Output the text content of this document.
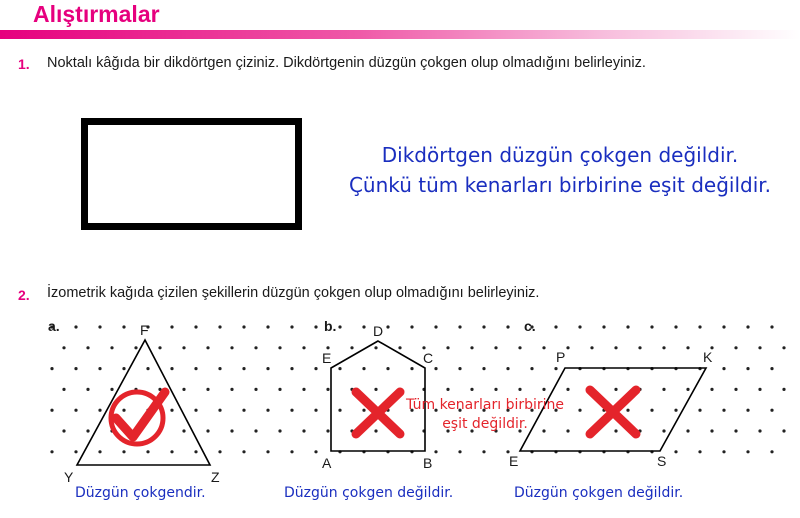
Alıştırmalar
1. Noktalı kâğıda bir dikdörtgen çiziniz. Dikdörtgenin düzgün çokgen olup olmadığını belirleyiniz.
Dikdörtgen düzgün çokgen değildir.
Çünkü tüm kenarları birbirine eşit değildir.
2. İzometrik kağıda çizilen şekillerin düzgün çokgen olup olmadığını belirleyiniz.
a.	b.	c.
F
Y	Z
D
E	C
A	B
P	K
E	S
Tüm kenarları birbirine
eşit değildir.
Düzgün çokgendir.	Düzgün çokgen değildir.	Düzgün çokgen değildir.
